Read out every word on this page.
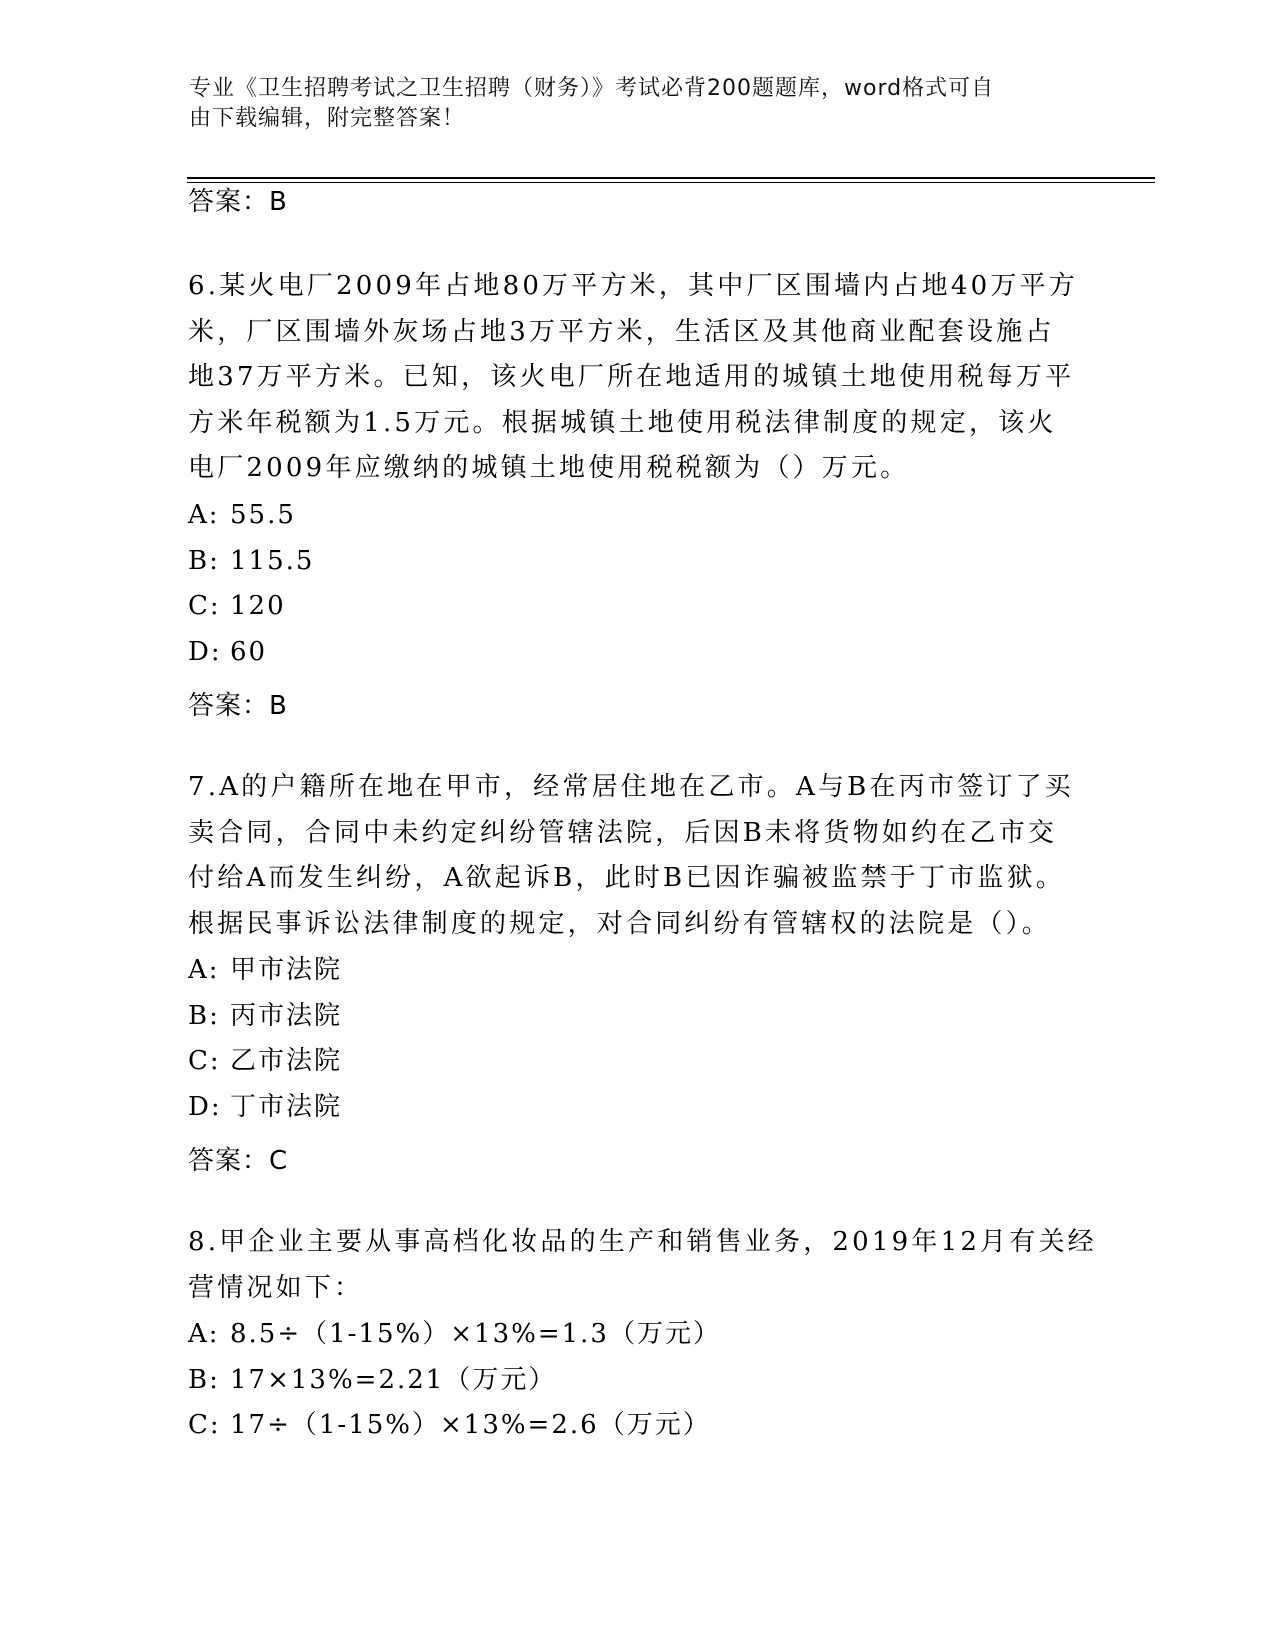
专业《卫生招聘考试之卫生招聘（财务）》考试必背200题题库，word格式可自
由下载编辑，附完整答案！
答案：B

6.某火电厂2009年占地80万平方米，其中厂区围墙内占地40万平方

米，厂区围墙外灰场占地3万平方米，生活区及其他商业配套设施占

地37万平方米。已知，该火电厂所在地适用的城镇土地使用税每万平

方米年税额为1.5万元。根据城镇土地使用税法律制度的规定，该火

电厂2009年应缴纳的城镇土地使用税税额为（）万元。

A: 55.5
B: 115.5
C: 120
D: 60
答案：B

7.A的户籍所在地在甲市，经常居住地在乙市。A与B在丙市签订了买

卖合同，合同中未约定纠纷管辖法院，后因B未将货物如约在乙市交

付给A而发生纠纷，A欲起诉B，此时B已因诈骗被监禁于丁市监狱。

根据民事诉讼法律制度的规定，对合同纠纷有管辖权的法院是（）。

A: 甲市法院
B: 丙市法院
C: 乙市法院
D: 丁市法院
答案：C

8.甲企业主要从事高档化妆品的生产和销售业务，2019年12月有关经

营情况如下：

A: 8.5÷（1-15%）×13%=1.3（万元）
B: 17×13%=2.21（万元）
C: 17÷（1-15%）×13%=2.6（万元）
